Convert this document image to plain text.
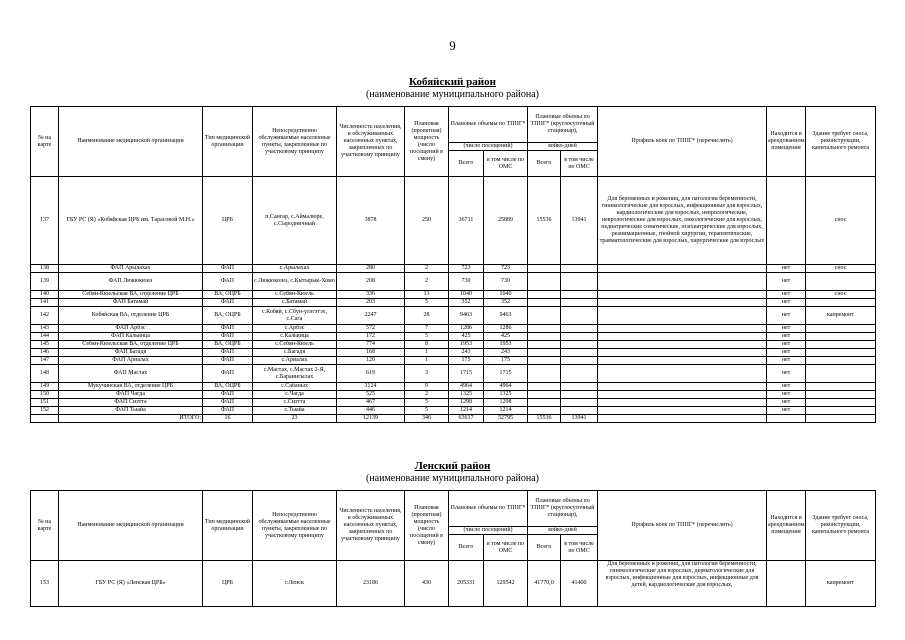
9
Кобяйский район
(наименование муниципального района)
№ на карте	Наименование медицинской организации	Тип медицинской организации	Непосредственно обслуживаемые населенные пункты, закрепленные по участковому принципу	Численность населения, в обслуживаемых населенных пунктах, закрепленных по участковому принципу	Плановая (проектная) мощность (число посещений в смену)	Плановые объемы по ТППГ*		Плановые объемы по ТППГ* (круглосуточный стационар),		Профиль коек по ТППГ* (перечислить)	Находится в арендованном помещении	Здание требует сноса, реконструкции, капитального ремонта
						(число посещений)		койко-дней				
						Всего	в том числе по ОМС	Всего	в том числе по ОМС			
137	ГБУ РС (Я) «Кобяйская ЦРБ им. Тарасовой М.Н.»	ЦРБ	п.Сангар, с.Аймалюре, с.Сыродничный	3878	250	36711	25889	15536	13941	Для беременных и рожениц, для патологии беременности, гинекологические для взрослых, инфекционные для взрослых, кардиологические для взрослых, неврологические, неврологические для взрослых, онкологические для взрослых, педиатрические соматические, психиатрические для взрослых, реанимационные, гнойной хирургии, терапевтические, травматологические для взрослых, хирургические для взрослых		снос
138	ФАП Арылахах	ФАП	с.Арылахах	280	2	723	723				нет	снос
139	ФАП Люкюкюнэ	ФАП	с.Люкюкюнэ, с.Кытырык-Хомо	208	2	730	730				нет	
140	Себян-Кюельская ВА, отделение ЦРБ	ВА, ОЦРБ	с.Себян-Кюель	336	13	1040	1040				нет	снос
141	ФАП Батамай	ФАП	с.Батамай	203	5	352	352				нет	
142	Кобяйская ВА, отделение ЦРБ	ВА, ОЦРБ	с.Кобяй, с.Сбун-улэгэтэх, с.Сага	2247	28	9463	9463				нет	капремонт
143	ФАП Арбэс	ФАП	с.Арбэс	572	7	1286	1286				нет	
144	ФАП Кальвица	ФАП	с.Кальвица	172	5	425	425				нет	
145	Себян-Кюельская ВА, отделение ЦРБ	ВА, ОЦРБ	с.Себян-Кюель	774	8	1953	1953				нет	
146	ФАП Багадя	ФАП	с.Багадя	168	1	243	243				нет	
147	ФАП Ариалах	ФАП	с.Ариалах	120	1	175	175				нет	
148	ФАП Мастах	ФАП	с.Мастах, с.Мастах 2-Я, с.Бараингылах	619	3	1715	1715				нет	
149	Мукучинская ВА, отделение ЦРБ	ВА, ОЦРБ	с.Сабаных	1124	9	4964	4964				нет	
150	ФАП Чагда	ФАП	с.Чагда	525	2	1325	1325				нет	
151	ФАП Сиэтта	ФАП	с.Сиэтта	467	5	1298	1298				нет	
152	ФАП Тыайа	ФАП	с.Тыайа	446	5	1214	1214				нет	
	ИТОГО:	16	23	12139	346	63617	52795	15536	13941			
Ленский район
(наименование муниципального района)
№ на карте	Наименование медицинской организации	Тип медицинской организации	Непосредственно обслуживаемые населенные пункты, закрепленные по участковому принципу	Численность населения, в обслуживаемых населенных пунктах, закрепленных по участковому принципу	Плановая (проектная) мощность (число посещений в смену)	Плановые объемы по ТППГ*		Плановые объемы по ТППГ* (круглосуточный стационар),		Профиль коек по ТППГ* (перечислить)	Находится в арендованном помещении	Здание требует сноса, реконструкции, капитального ремонта
						(число посещений)		койко-дней				
						Всего	в том числе по ОМС	Всего	в том числе по ОМС			
153	ГБУ РС (Я) «Ленская ЦРБ»	ЦРБ	г.Ленск	23186	430	205331	129542	41770,0	41400	Для беременных и рожениц, для патологии беременности, гинекологические для взрослых, дерматологические для взрослых, инфекционные для взрослых, инфекционные для детей, кардиологические для взрослых,		капремонт
